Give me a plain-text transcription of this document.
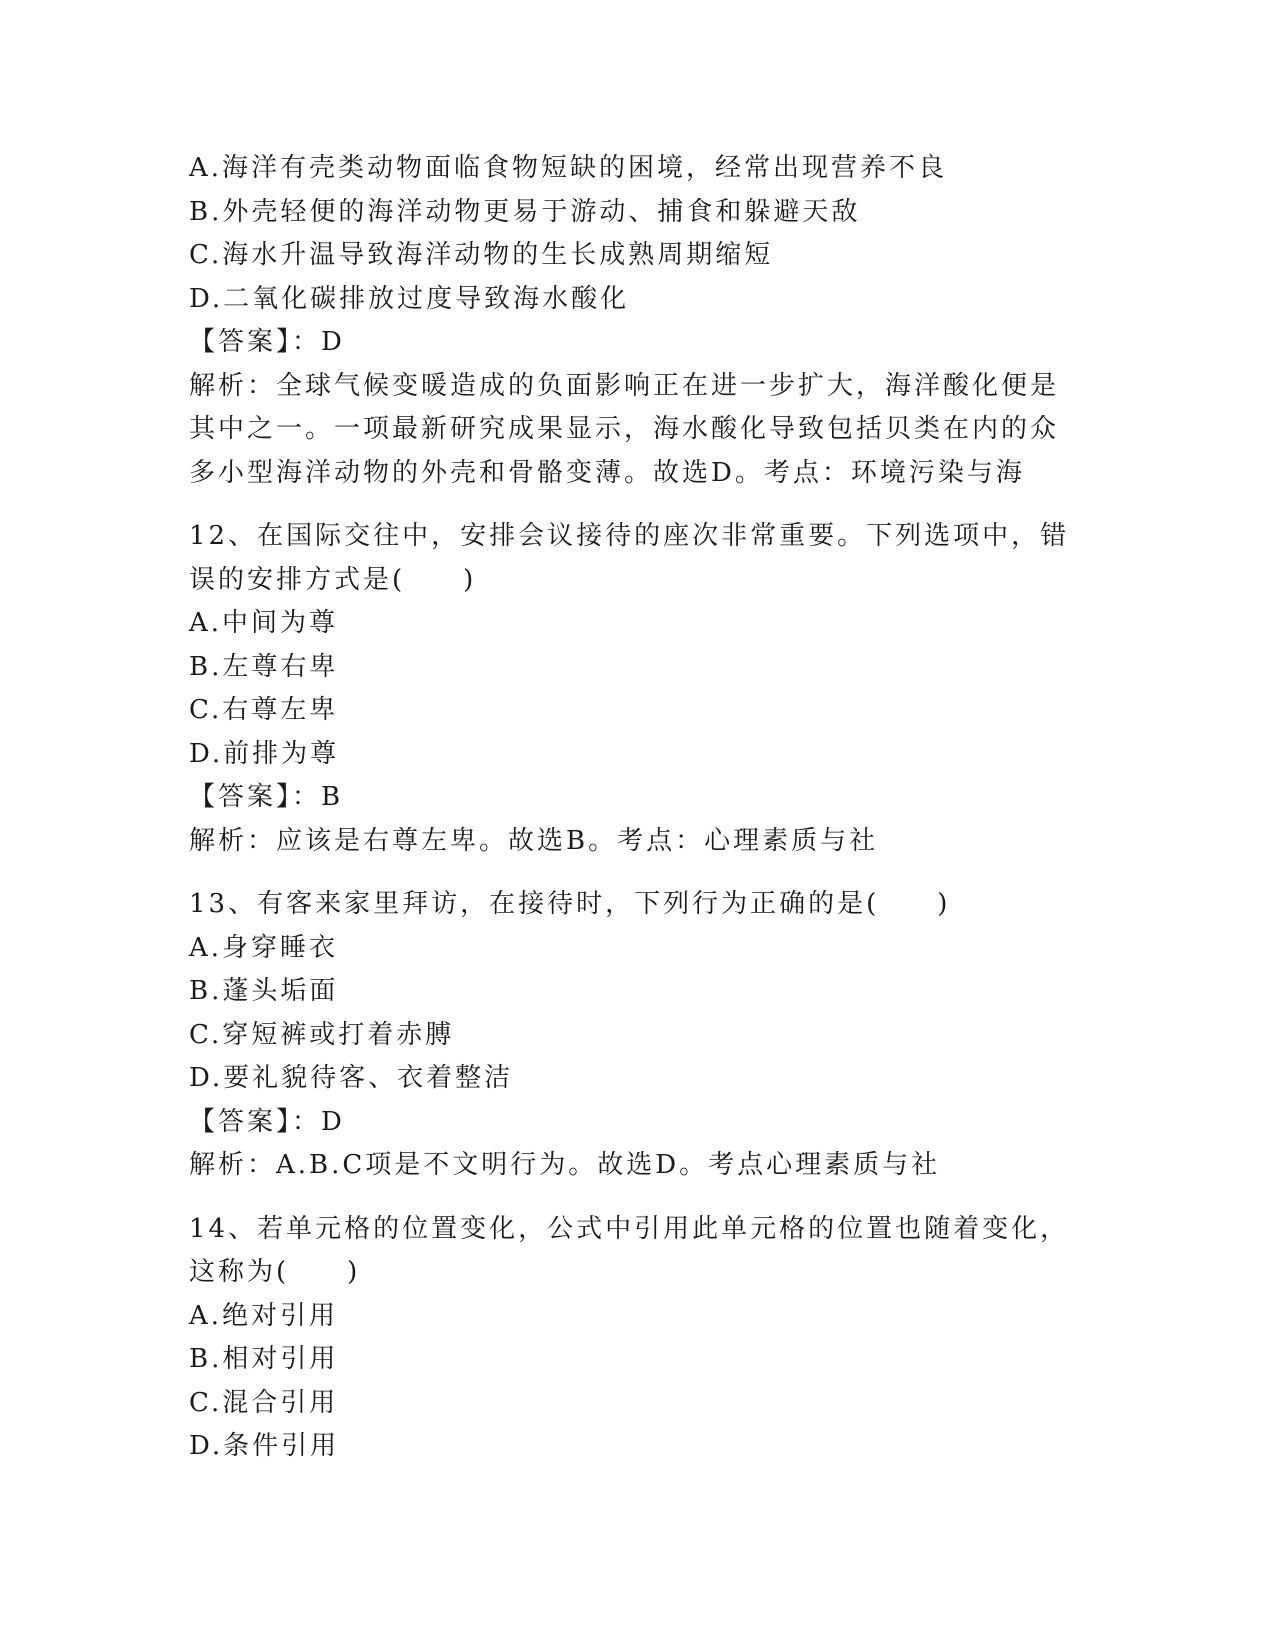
A.海洋有壳类动物面临食物短缺的困境，经常出现营养不良
B.外壳轻便的海洋动物更易于游动、捕食和躲避天敌
C.海水升温导致海洋动物的生长成熟周期缩短
D.二氧化碳排放过度导致海水酸化
【答案】：D
解析：全球气候变暖造成的负面影响正在进一步扩大，海洋酸化便是
其中之一。一项最新研究成果显示，海水酸化导致包括贝类在内的众
多小型海洋动物的外壳和骨骼变薄。故选D。考点：环境污染与海
12、在国际交往中，安排会议接待的座次非常重要。下列选项中，错
误的安排方式是(　　)
A.中间为尊
B.左尊右卑
C.右尊左卑
D.前排为尊
【答案】：B
解析：应该是右尊左卑。故选B。考点：心理素质与社
13、有客来家里拜访，在接待时，下列行为正确的是(　　)
A.身穿睡衣
B.蓬头垢面
C.穿短裤或打着赤膊
D.要礼貌待客、衣着整洁
【答案】：D
解析：A.B.C项是不文明行为。故选D。考点心理素质与社
14、若单元格的位置变化，公式中引用此单元格的位置也随着变化，
这称为(　　)
A.绝对引用
B.相对引用
C.混合引用
D.条件引用
